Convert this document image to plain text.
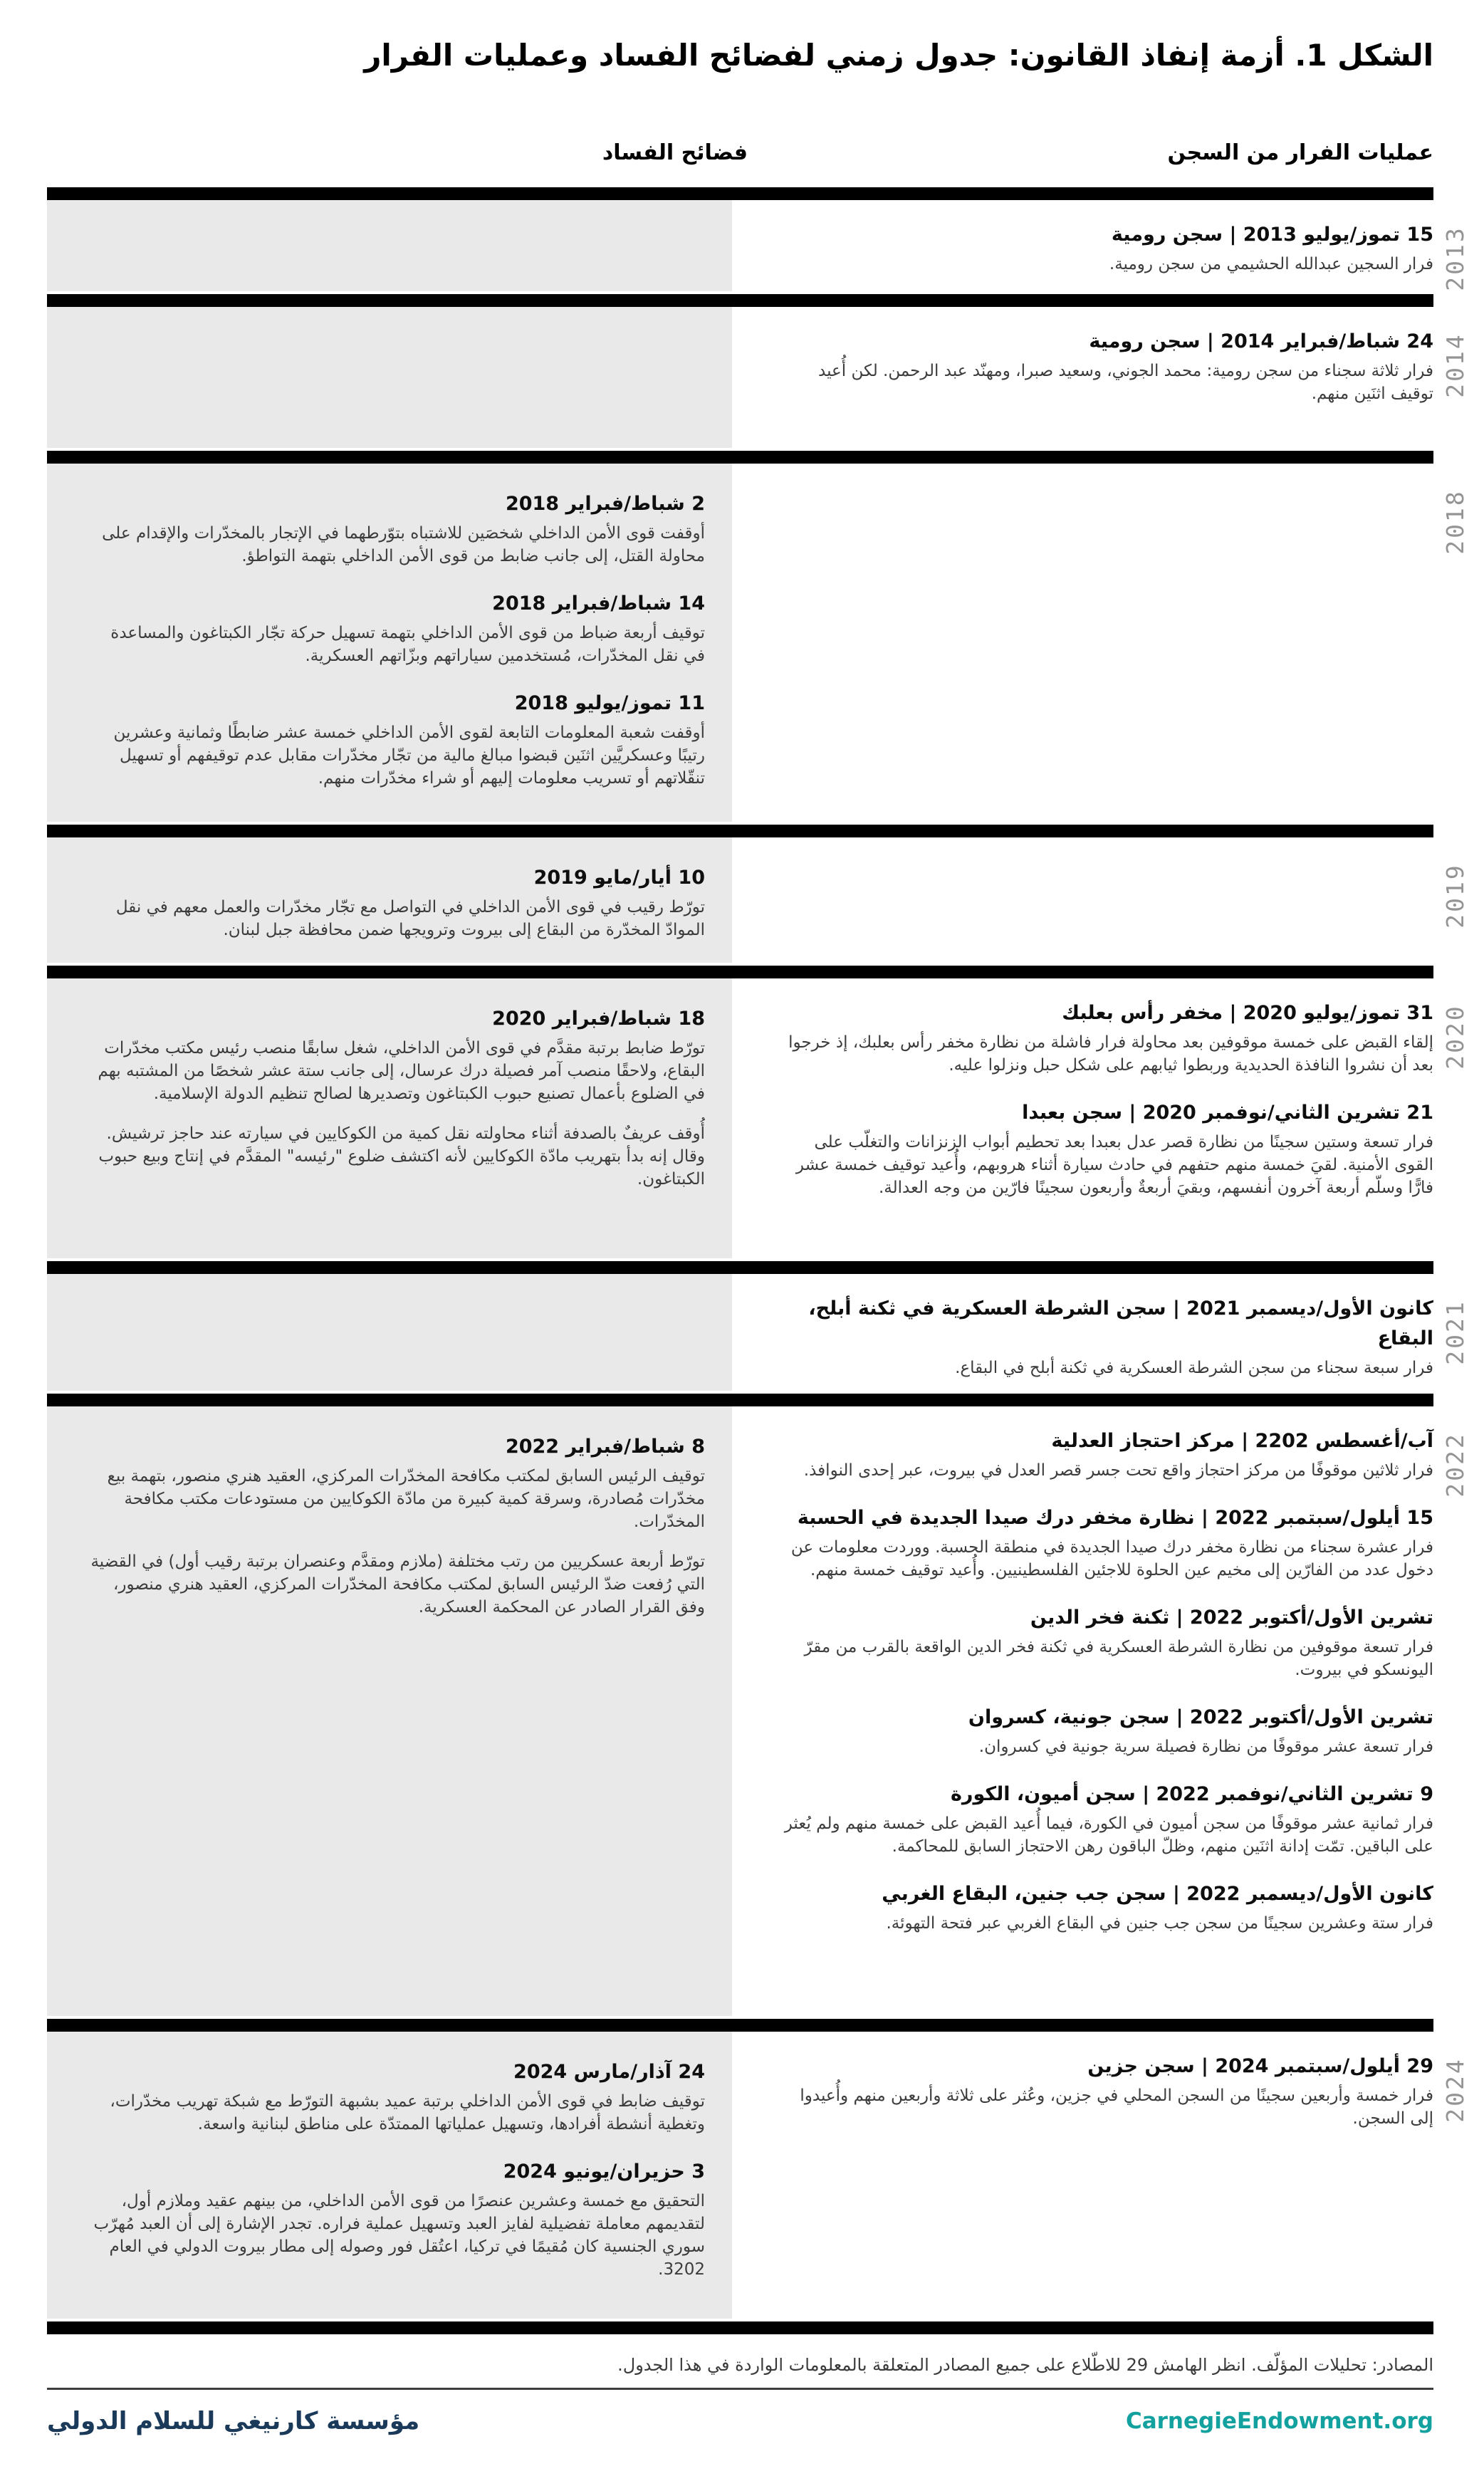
الشكل 1. أزمة إنفاذ القانون: جدول زمني لفضائح الفساد وعمليات الفرار
فضائح الفساد	عمليات الفرار من السجن
15 تموز/يوليو 2013 | سجن رومية

فرار السجين عبدالله الحشيمي من سجن رومية. 2013
24 شباط/فبراير 2014 | سجن رومية

فرار ثلاثة سجناء من سجن رومية: محمد الجوني، وسعيد صبرا، ومهنّد عبد الرحمن. لكن أُعيد توقيف اثنَين منهم. 2014
2 شباط/فبراير 2018

أوقفت قوى الأمن الداخلي شخصَين للاشتباه بتوّرطهما في الإتجار بالمخدّرات والإقدام على محاولة القتل، إلى جانب ضابط من قوى الأمن الداخلي بتهمة التواطؤ.

14 شباط/فبراير 2018

توقيف أربعة ضباط من قوى الأمن الداخلي بتهمة تسهيل حركة تجّار الكبتاغون والمساعدة في نقل المخدّرات، مُستخدمين سياراتهم وبزّاتهم العسكرية.

11 تموز/يوليو 2018

أوقفت شعبة المعلومات التابعة لقوى الأمن الداخلي خمسة عشر ضابطًا وثمانية وعشرين رتيبًا وعسكريَّين اثنَين قبضوا مبالغ مالية من تجّار مخدّرات مقابل عدم توقيفهم أو تسهيل تنقّلاتهم أو تسريب معلومات إليهم أو شراء مخدّرات منهم.

2018
10 أيار/مايو 2019

تورّط رقيب في قوى الأمن الداخلي في التواصل مع تجّار مخدّرات والعمل معهم في نقل الموادّ المخدّرة من البقاع إلى بيروت وترويجها ضمن محافظة جبل لبنان.

2019
18 شباط/فبراير 2020

تورّط ضابط برتبة مقدَّم في قوى الأمن الداخلي، شغل سابقًا منصب رئيس مكتب مخدّرات البقاع، ولاحقًا منصب آمر فصيلة درك عرسال، إلى جانب ستة عشر شخصًا من المشتبه بهم في الضلوع بأعمال تصنيع حبوب الكبتاغون وتصديرها لصالح تنظيم الدولة الإسلامية.

أُوقف عريفٌ بالصدفة أثناء محاولته نقل كمية من الكوكايين في سيارته عند حاجز ترشيش. وقال إنه بدأ بتهريب مادّة الكوكايين لأنه اكتشف ضلوع "رئيسه" المقدَّم في إنتاج وبيع حبوب الكبتاغون.

31 تموز/يوليو 2020 | مخفر رأس بعلبك

إلقاء القبض على خمسة موقوفين بعد محاولة فرار فاشلة من نظارة مخفر رأس بعلبك، إذ خرجوا بعد أن نشروا النافذة الحديدية وربطوا ثيابهم على شكل حبل ونزلوا عليه.

21 تشرين الثاني/نوفمبر 2020 | سجن بعبدا

فرار تسعة وستين سجينًا من نظارة قصر عدل بعبدا بعد تحطيم أبواب الزنزانات والتغلّب على القوى الأمنية. لقيَ خمسة منهم حتفهم في حادث سيارة أثناء هروبهم، وأُعيد توقيف خمسة عشر فارًّا وسلّم أربعة آخرون أنفسهم، وبقيَ أربعةٌ وأربعون سجينًا فارّين من وجه العدالة.

2020
كانون الأول/ديسمبر 2021 | سجن الشرطة العسكرية في ثكنة أبلح، البقاع

فرار سبعة سجناء من سجن الشرطة العسكرية في ثكنة أبلح في البقاع.

2021
8 شباط/فبراير 2022

توقيف الرئيس السابق لمكتب مكافحة المخدّرات المركزي، العقيد هنري منصور، بتهمة بيع مخدّرات مُصادرة، وسرقة كمية كبيرة من مادّة الكوكايين من مستودعات مكتب مكافحة المخدّرات.

تورّط أربعة عسكريين من رتب مختلفة (ملازم ومقدَّم وعنصران برتبة رقيب أول) في القضية التي رُفعت ضدّ الرئيس السابق لمكتب مكافحة المخدّرات المركزي، العقيد هنري منصور، وفق القرار الصادر عن المحكمة العسكرية.

آب/أغسطس 2202 | مركز احتجاز العدلية

فرار ثلاثين موقوفًا من مركز احتجاز واقع تحت جسر قصر العدل في بيروت، عبر إحدى النوافذ.

15 أيلول/سبتمبر 2022 | نظارة مخفر درك صيدا الجديدة في الحسبة

فرار عشرة سجناء من نظارة مخفر درك صيدا الجديدة في منطقة الحسبة. ووردت معلومات عن دخول عدد من الفارّين إلى مخيم عين الحلوة للاجئين الفلسطينيين. وأُعيد توقيف خمسة منهم.

تشرين الأول/أكتوبر 2022 | ثكنة فخر الدين

فرار تسعة موقوفين من نظارة الشرطة العسكرية في ثكنة فخر الدين الواقعة بالقرب من مقرّ اليونسكو في بيروت.

تشرين الأول/أكتوبر 2022 | سجن جونية، كسروان

فرار تسعة عشر موقوفًا من نظارة فصيلة سرية جونية في كسروان.

9 تشرين الثاني/نوفمبر 2022 | سجن أميون، الكورة

فرار ثمانية عشر موقوفًا من سجن أميون في الكورة، فيما أُعيد القبض على خمسة منهم ولم يُعثر على الباقين. تمّت إدانة اثنَين منهم، وظلّ الباقون رهن الاحتجاز السابق للمحاكمة.

كانون الأول/ديسمبر 2022 | سجن جب جنين، البقاع الغربي

فرار ستة وعشرين سجينًا من سجن جب جنين في البقاع الغربي عبر فتحة التهوئة.

2022
24 آذار/مارس 2024

توقيف ضابط في قوى الأمن الداخلي برتبة عميد بشبهة التورّط مع شبكة تهريب مخدّرات، وتغطية أنشطة أفرادها، وتسهيل عملياتها الممتدّة على مناطق لبنانية واسعة.

3 حزيران/يونيو 2024

التحقيق مع خمسة وعشرين عنصرًا من قوى الأمن الداخلي، من بينهم عقيد وملازم أول، لتقديمهم معاملة تفضيلية لفايز العبد وتسهيل عملية فراره. تجدر الإشارة إلى أن العبد مُهرّب سوري الجنسية كان مُقيمًا في تركيا، اعتُقل فور وصوله إلى مطار بيروت الدولي في العام 3202.

29 أيلول/سبتمبر 2024 | سجن جزين

فرار خمسة وأربعين سجينًا من السجن المحلي في جزين، وعُثر على ثلاثة وأربعين منهم وأُعيدوا إلى السجن. 2024
المصادر: تحليلات المؤلّف. انظر الهامش 29 للاطّلاع على جميع المصادر المتعلقة بالمعلومات الواردة في هذا الجدول.
مؤسسة كارنيغي للسلام الدولي	CarnegieEndowment.org
